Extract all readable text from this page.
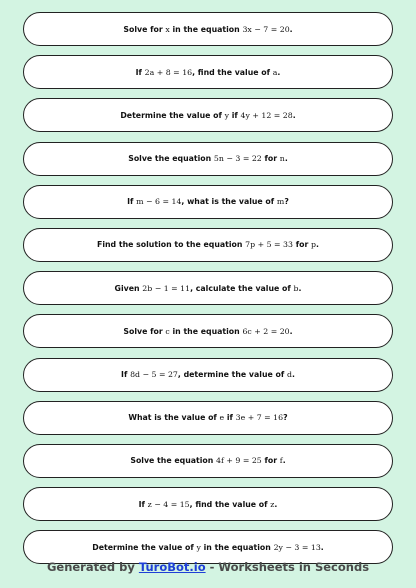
Solve for x in the equation 3x − 7 = 20 .
If 2a + 8 = 16 , find the value of a .
Determine the value of y if 4y + 12 = 28 .
Solve the equation 5n − 3 = 22 for n .
If m − 6 = 14 , what is the value of m ?
Find the solution to the equation 7p + 5 = 33 for p .
Given 2b − 1 = 11 , calculate the value of b .
Solve for c in the equation 6c + 2 = 20 .
If 8d − 5 = 27 , determine the value of d .
What is the value of e if 3e + 7 = 16 ?
Solve the equation 4f + 9 = 25 for f .
If z − 4 = 15 , find the value of z .
Determine the value of y in the equation 2y − 3 = 13 .
Generated by TuroBot.io - Worksheets in Seconds
